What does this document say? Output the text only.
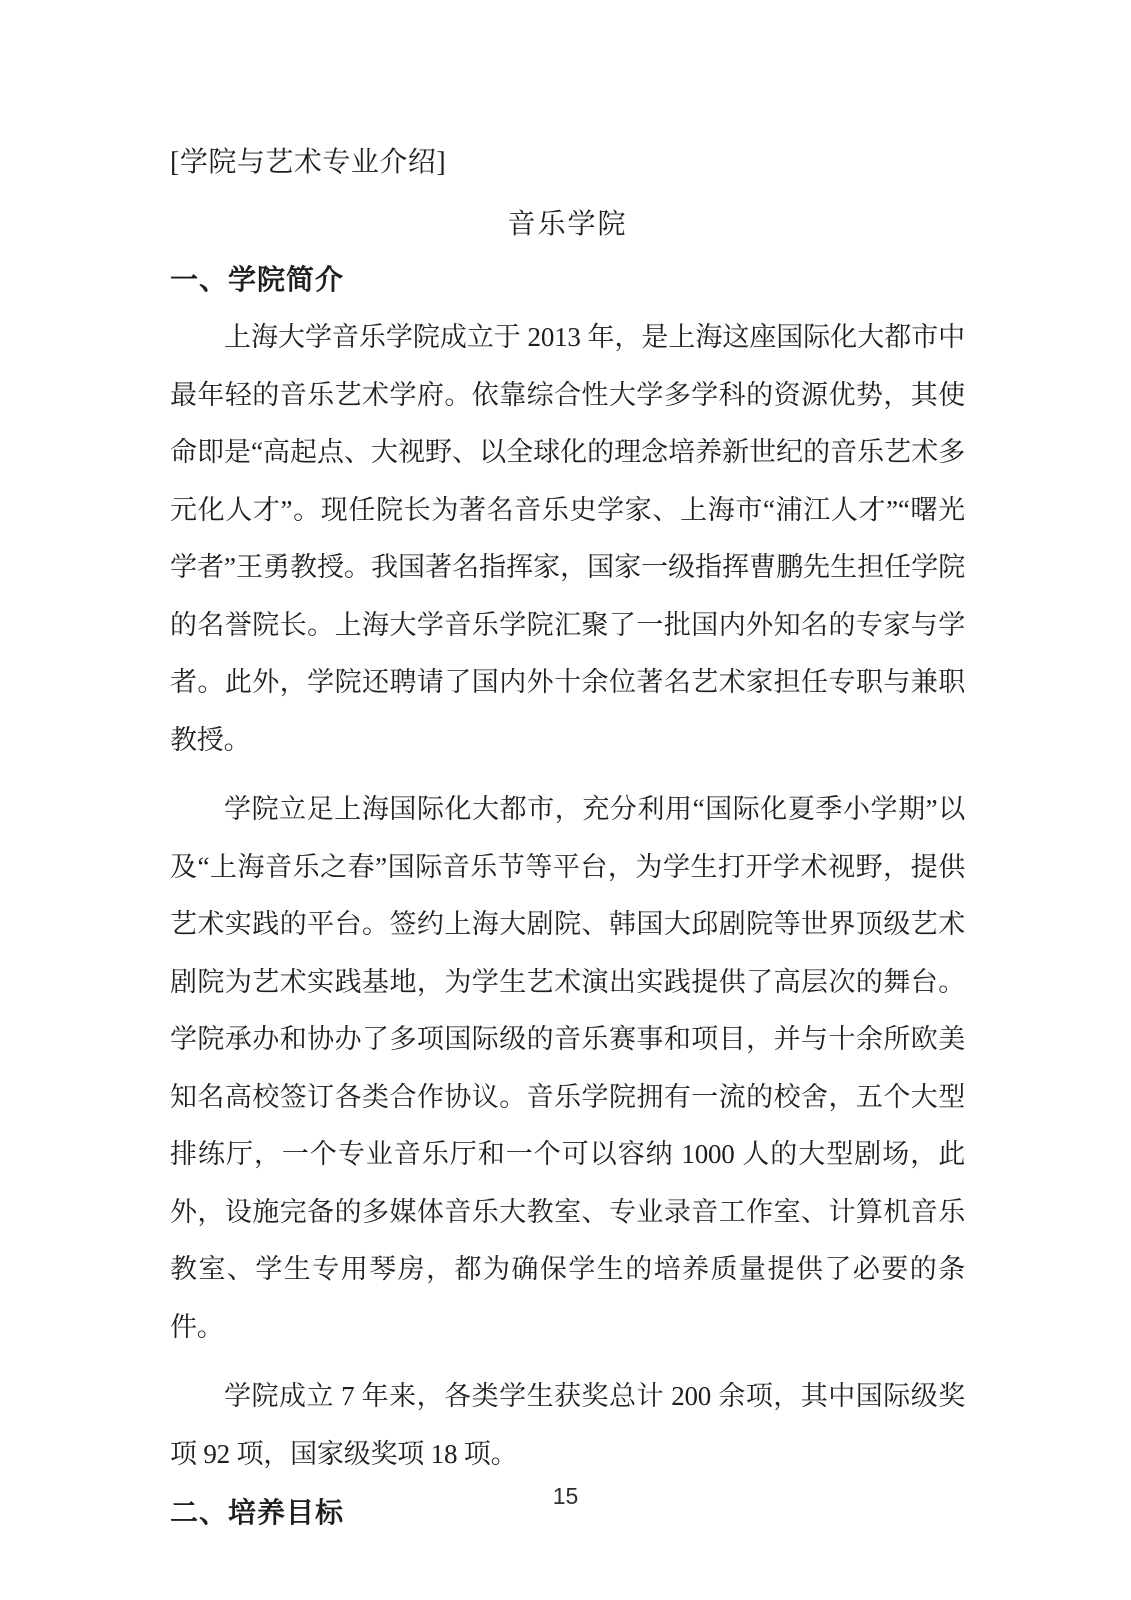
[学院与艺术专业介绍]
音乐学院
一、学院简介

上海大学音乐学院成立于 2013 年，是上海这座国际化大都市中最年轻的音乐艺术学府。依靠综合性大学多学科的资源优势，其使命即是“高起点、大视野、以全球化的理念培养新世纪的音乐艺术多元化人才”。现任院长为著名音乐史学家、上海市“浦江人才”“曙光学者”王勇教授。我国著名指挥家，国家一级指挥曹鹏先生担任学院的名誉院长。上海大学音乐学院汇聚了一批国内外知名的专家与学者。此外，学院还聘请了国内外十余位著名艺术家担任专职与兼职教授。

学院立足上海国际化大都市，充分利用“国际化夏季小学期”以及“上海音乐之春”国际音乐节等平台，为学生打开学术视野，提供艺术实践的平台。签约上海大剧院、韩国大邱剧院等世界顶级艺术剧院为艺术实践基地，为学生艺术演出实践提供了高层次的舞台。学院承办和协办了多项国际级的音乐赛事和项目，并与十余所欧美知名高校签订各类合作协议。音乐学院拥有一流的校舍，五个大型排练厅，一个专业音乐厅和一个可以容纳 1000 人的大型剧场，此外，设施完备的多媒体音乐大教室、专业录音工作室、计算机音乐教室、学生专用琴房，都为确保学生的培养质量提供了必要的条件。

学院成立 7 年来，各类学生获奖总计 200 余项，其中国际级奖项 92 项，国家级奖项 18 项。

二、培养目标
15
